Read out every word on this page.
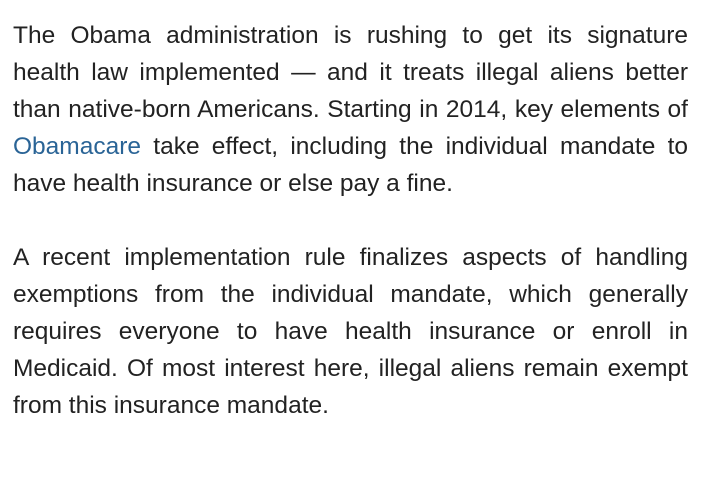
The Obama administration is rushing to get its signature health law implemented — and it treats illegal aliens better than native-born Americans. Starting in 2014, key elements of Obamacare take effect, including the individual mandate to have health insurance or else pay a fine.

A recent implementation rule finalizes aspects of handling exemptions from the individual mandate, which generally requires everyone to have health insurance or enroll in Medicaid. Of most interest here, illegal aliens remain exempt from this insurance mandate.
